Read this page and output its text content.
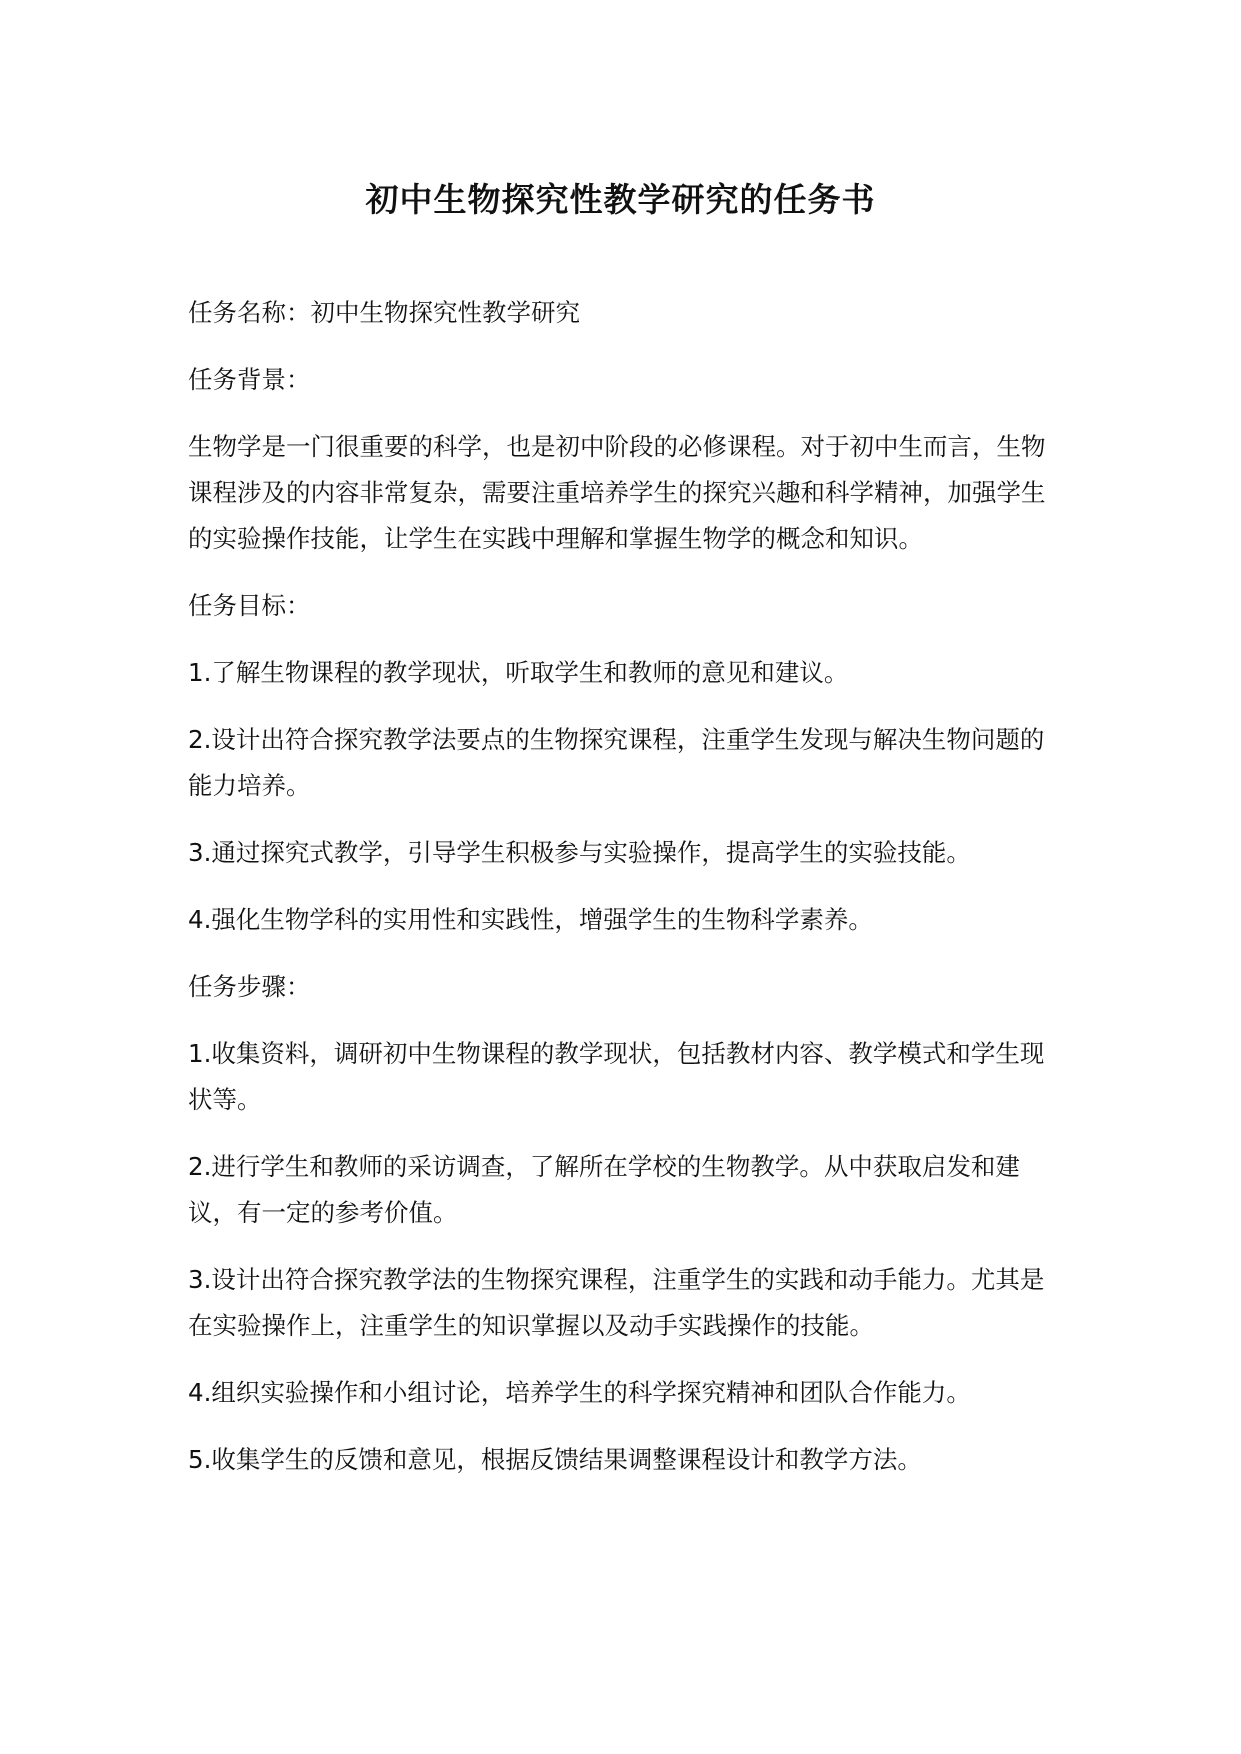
初中生物探究性教学研究的任务书

任务名称：初中生物探究性教学研究

任务背景：

生物学是一门很重要的科学，也是初中阶段的必修课程。对于初中生而言，生物课程涉及的内容非常复杂，需要注重培养学生的探究兴趣和科学精神，加强学生的实验操作技能，让学生在实践中理解和掌握生物学的概念和知识。

任务目标：

1.了解生物课程的教学现状，听取学生和教师的意见和建议。

2.设计出符合探究教学法要点的生物探究课程，注重学生发现与解决生物问题的能力培养。

3.通过探究式教学，引导学生积极参与实验操作，提高学生的实验技能。

4.强化生物学科的实用性和实践性，增强学生的生物科学素养。

任务步骤：

1.收集资料，调研初中生物课程的教学现状，包括教材内容、教学模式和学生现状等。

2.进行学生和教师的采访调查，了解所在学校的生物教学。从中获取启发和建议，有一定的参考价值。

3.设计出符合探究教学法的生物探究课程，注重学生的实践和动手能力。尤其是在实验操作上，注重学生的知识掌握以及动手实践操作的技能。

4.组织实验操作和小组讨论，培养学生的科学探究精神和团队合作能力。

5.收集学生的反馈和意见，根据反馈结果调整课程设计和教学方法。
